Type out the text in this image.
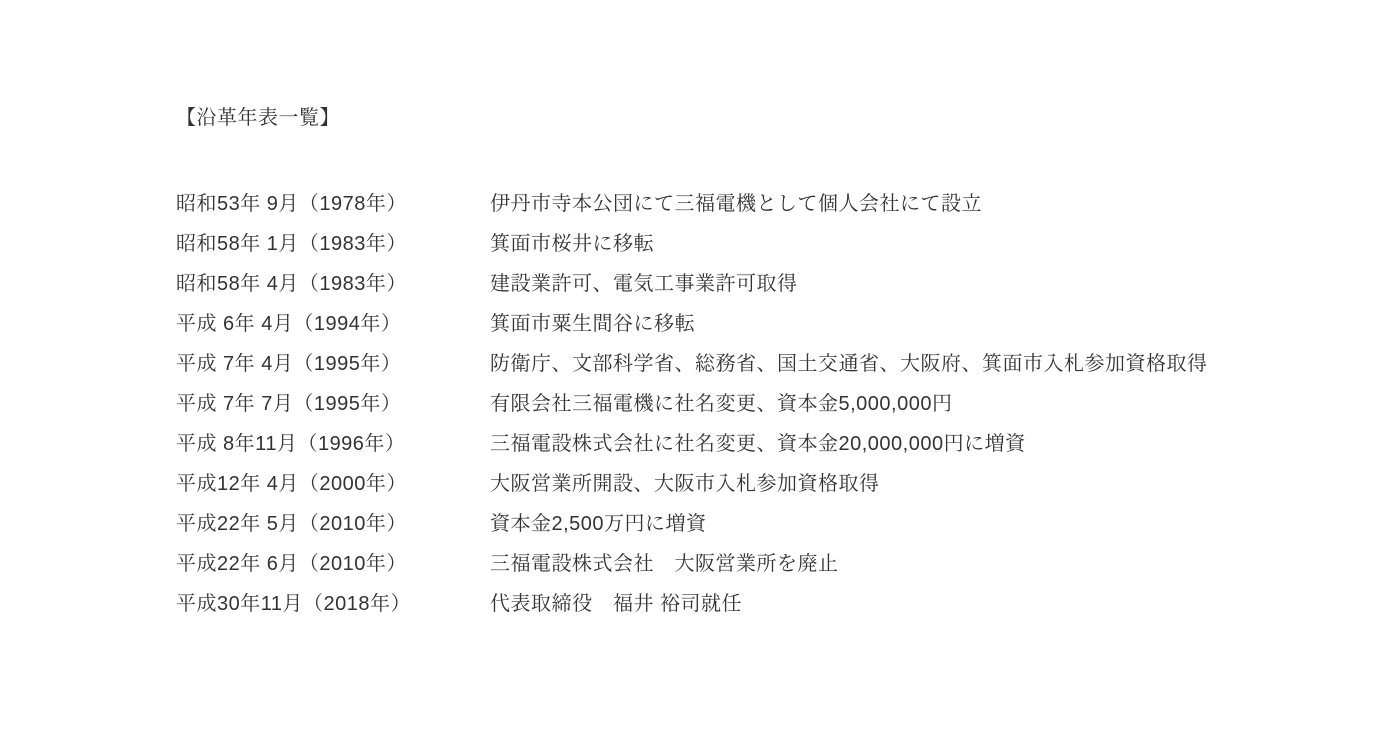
【沿革年表一覧】
昭和53年 9月（1978年）	伊丹市寺本公団にて三福電機として個人会社にて設立
昭和58年 1月（1983年）	箕面市桜井に移転
昭和58年 4月（1983年）	建設業許可、電気工事業許可取得
平成 6年 4月（1994年）	箕面市粟生間谷に移転
平成 7年 4月（1995年）	防衛庁、文部科学省、総務省、国土交通省、大阪府、箕面市入札参加資格取得
平成 7年 7月（1995年）	有限会社三福電機に社名変更、資本金5,000,000円
平成 8年11月（1996年）	三福電設株式会社に社名変更、資本金20,000,000円に増資
平成12年 4月（2000年）	大阪営業所開設、大阪市入札参加資格取得
平成22年 5月（2010年）	資本金2,500万円に増資
平成22年 6月（2010年）	三福電設株式会社　大阪営業所を廃止
平成30年11月（2018年）	代表取締役　福井 裕司就任
